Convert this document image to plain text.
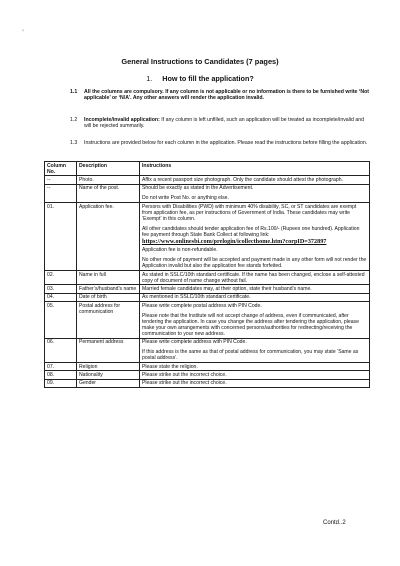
›
General Instructions to Candidates (7 pages)
1. How to fill the application?
1.1 All the columns are compulsory. If any column is not applicable or no information is there to be furnished write ‘Not applicable’ or ‘N/A’. Any other answers will render the application invalid.
1.2 Incomplete/invalid application: If any column is left unfilled, such an application will be treated as incomplete/invalid and will be rejected summarily.
1.3 Instructions are provided below for each column in the application. Please read the instructions before filling the application.
Column No.	Description	Instructions
--	Photo.	Affix a recent passport size photograph. Only the candidate should attest the photograph.
--	Name of the post.	Should be exactly as stated in the Advertisement.
Do not write Post No. or anything else.
01.	Application fee.	Persons with Disabilities (PWD) with minimum 40% disability, SC, or ST candidates are exempt from application fee, as per instructions of Government of India. These candidates may write ‘Exempt’ in this column.
All other candidates should tender application fee of Rs.100/- (Rupees one hundred). Application fee payment through State Bank Collect at following link:
https://www.onlinesbi.com/prelogin/icollecthome.htm?corpID=372897
Application fee is non-refundable.
No other mode of payment will be accepted and payment made in any other form will not render the Application invalid but also the application fee stands forfeited.
02.	Name in full	As stated in SSLC/10th standard certificate. If the name has been changed, enclose a self-attested copy of document of name change without fail.
03.	Father’s/husband’s name	Married female candidates may, at their option, state their husband’s name.
04.	Date of birth	As mentioned in SSLC/10th standard certificate.
05.	Postal address for communication	Please write complete postal address with PIN Code.
Please note that the Institute will not accept change of address, even if communicated, after tendering the application. In case you change the address after tendering the application, please make your own arrangements with concerned persons/authorities for redirecting/receiving the communication to your new address.
06.	Permanent address	Please write complete address with PIN Code.
If this address is the same as that of postal address for communication, you may state ‘Same as postal address’.
07.	Religion	Please state the religion.
08.	Nationality	Please strike out the incorrect choice.
09.	Gender	Please strike out the incorrect choice.
Contd..2
